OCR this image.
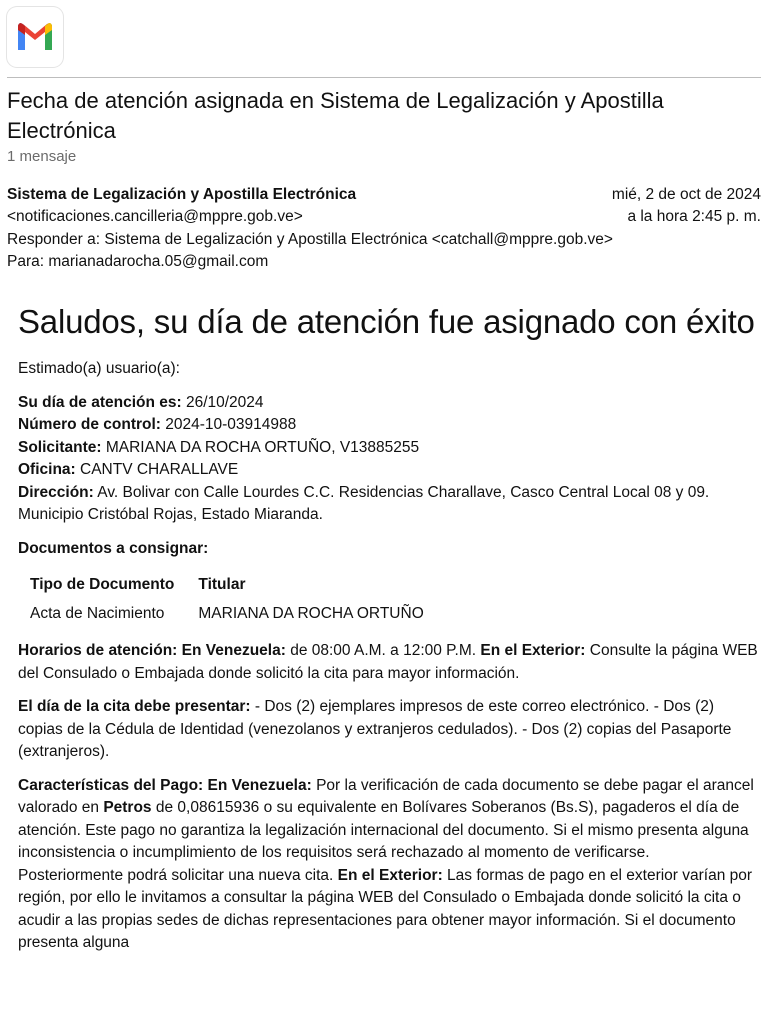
Fecha de atención asignada en Sistema de Legalización y Apostilla Electrónica
1 mensaje
Sistema de Legalización y Apostilla Electrónica	mié, 2 de oct de 2024
<notificaciones.cancilleria@mppre.gob.ve>	a la hora 2:45 p. m.
Responder a: Sistema de Legalización y Apostilla Electrónica <catchall@mppre.gob.ve>
Para: marianadarocha.05@gmail.com
Saludos, su día de atención fue asignado con éxito

Estimado(a) usuario(a):

Su día de atención es: 26/10/2024
Número de control: 2024-10-03914988
Solicitante: MARIANA DA ROCHA ORTUÑO, V13885255
Oficina: CANTV CHARALLAVE
Dirección: Av. Bolivar con Calle Lourdes C.C. Residencias Charallave, Casco Central Local 08 y 09. Municipio Cristóbal Rojas, Estado Miaranda.

Documentos a consignar:

Tipo de Documento	Titular
Acta de Nacimiento	MARIANA DA ROCHA ORTUÑO

Horarios de atención: En Venezuela: de 08:00 A.M. a 12:00 P.M. En el Exterior: Consulte la página WEB del Consulado o Embajada donde solicitó la cita para mayor información.

El día de la cita debe presentar: - Dos (2) ejemplares impresos de este correo electrónico. - Dos (2) copias de la Cédula de Identidad (venezolanos y extranjeros cedulados). - Dos (2) copias del Pasaporte (extranjeros).

Características del Pago: En Venezuela: Por la verificación de cada documento se debe pagar el arancel valorado en Petros de 0,08615936 o su equivalente en Bolívares Soberanos (Bs.S), pagaderos el día de atención. Este pago no garantiza la legalización internacional del documento. Si el mismo presenta alguna inconsistencia o incumplimiento de los requisitos será rechazado al momento de verificarse. Posteriormente podrá solicitar una nueva cita. En el Exterior: Las formas de pago en el exterior varían por región, por ello le invitamos a consultar la página WEB del Consulado o Embajada donde solicitó la cita o acudir a las propias sedes de dichas representaciones para obtener mayor información. Si el documento presenta alguna
